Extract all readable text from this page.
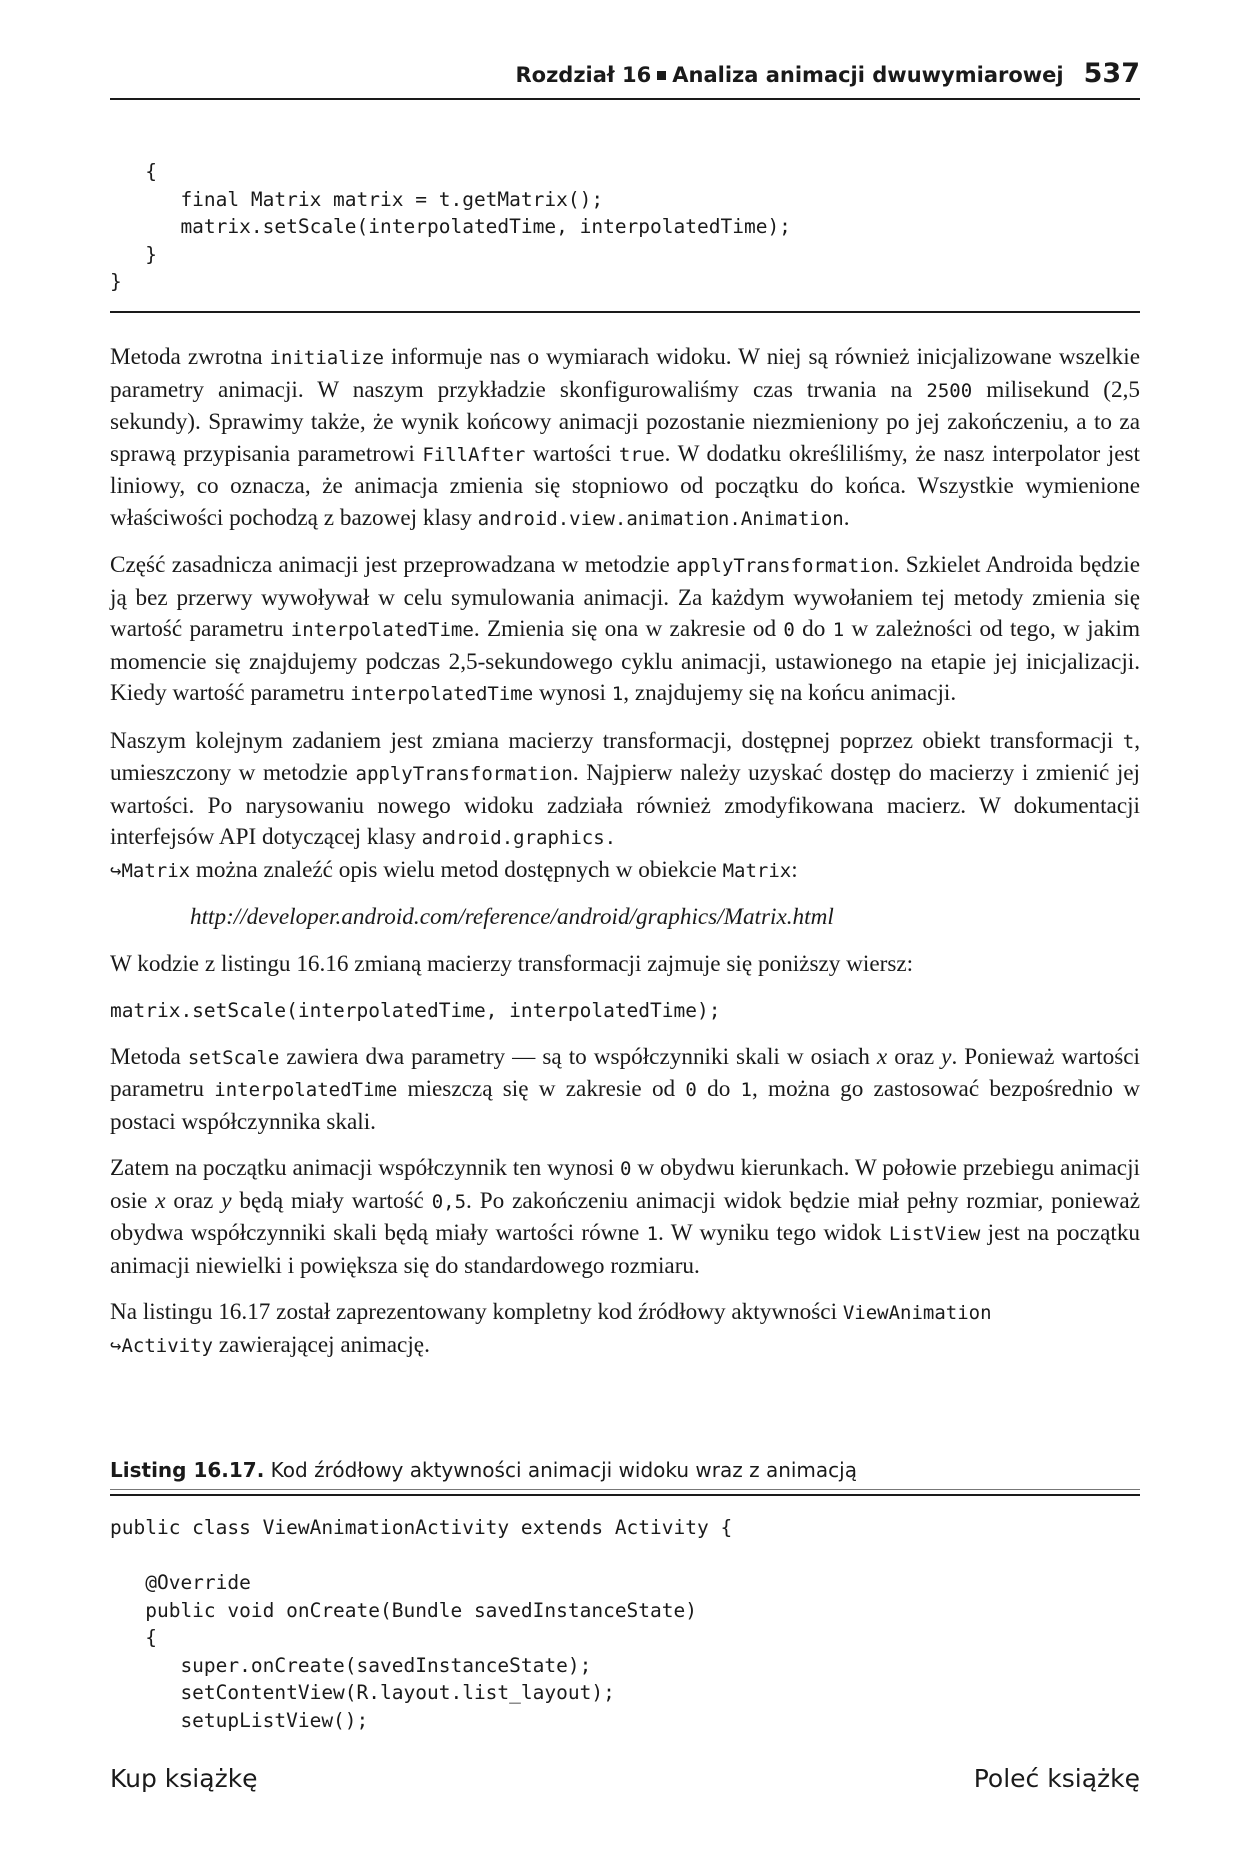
Rozdział 16 Analiza animacji dwuwymiarowej 537
{
final Matrix matrix = t.getMatrix();
matrix.setScale(interpolatedTime, interpolatedTime);
}
}

Metoda zwrotna initialize informuje nas o wymiarach widoku. W niej są również inicjalizowane wszelkie parametry animacji. W naszym przykładzie skonfigurowaliśmy czas trwania na 2500 milisekund (2,5 sekundy). Sprawimy także, że wynik końcowy animacji pozostanie niezmieniony po jej zakończeniu, a to za sprawą przypisania parametrowi FillAfter wartości true. W dodatku określiliśmy, że nasz interpolator jest liniowy, co oznacza, że animacja zmienia się stopniowo od początku do końca. Wszystkie wymienione właściwości pochodzą z bazowej klasy android.view.animation.Animation.

Część zasadnicza animacji jest przeprowadzana w metodzie applyTransformation. Szkielet Androida będzie ją bez przerwy wywoływał w celu symulowania animacji. Za każdym wywołaniem tej metody zmienia się wartość parametru interpolatedTime. Zmienia się ona w zakresie od 0 do 1 w zależności od tego, w jakim momencie się znajdujemy podczas 2,5-sekundowego cyklu animacji, ustawionego na etapie jej inicjalizacji. Kiedy wartość parametru interpolatedTime wynosi 1, znajdujemy się na końcu animacji.

Naszym kolejnym zadaniem jest zmiana macierzy transformacji, dostępnej poprzez obiekt transformacji t, umieszczony w metodzie applyTransformation. Najpierw należy uzyskać dostęp do macierzy i zmienić jej wartości. Po narysowaniu nowego widoku zadziała również zmodyfikowana macierz. W dokumentacji interfejsów API dotyczącej klasy android.graphics.
↪Matrix można znaleźć opis wielu metod dostępnych w obiekcie Matrix:

http://developer.android.com/reference/android/graphics/Matrix.html

W kodzie z listingu 16.16 zmianą macierzy transformacji zajmuje się poniższy wiersz:

matrix.setScale(interpolatedTime, interpolatedTime);

Metoda setScale zawiera dwa parametry — są to współczynniki skali w osiach x oraz y. Ponieważ wartości parametru interpolatedTime mieszczą się w zakresie od 0 do 1, można go zastosować bezpośrednio w postaci współczynnika skali.

Zatem na początku animacji współczynnik ten wynosi 0 w obydwu kierunkach. W połowie przebiegu animacji osie x oraz y będą miały wartość 0,5. Po zakończeniu animacji widok będzie miał pełny rozmiar, ponieważ obydwa współczynniki skali będą miały wartości równe 1. W wyniku tego widok ListView jest na początku animacji niewielki i powiększa się do standardowego rozmiaru.

Na listingu 16.17 został zaprezentowany kompletny kod źródłowy aktywności ViewAnimation
↪Activity zawierającej animację.

Listing 16.17. Kod źródłowy aktywności animacji widoku wraz z animacją
public class ViewAnimationActivity extends Activity {

@Override
public void onCreate(Bundle savedInstanceState)
{
super.onCreate(savedInstanceState);
setContentView(R.layout.list_layout);
setupListView();
Kup książkę	Poleć książkę
